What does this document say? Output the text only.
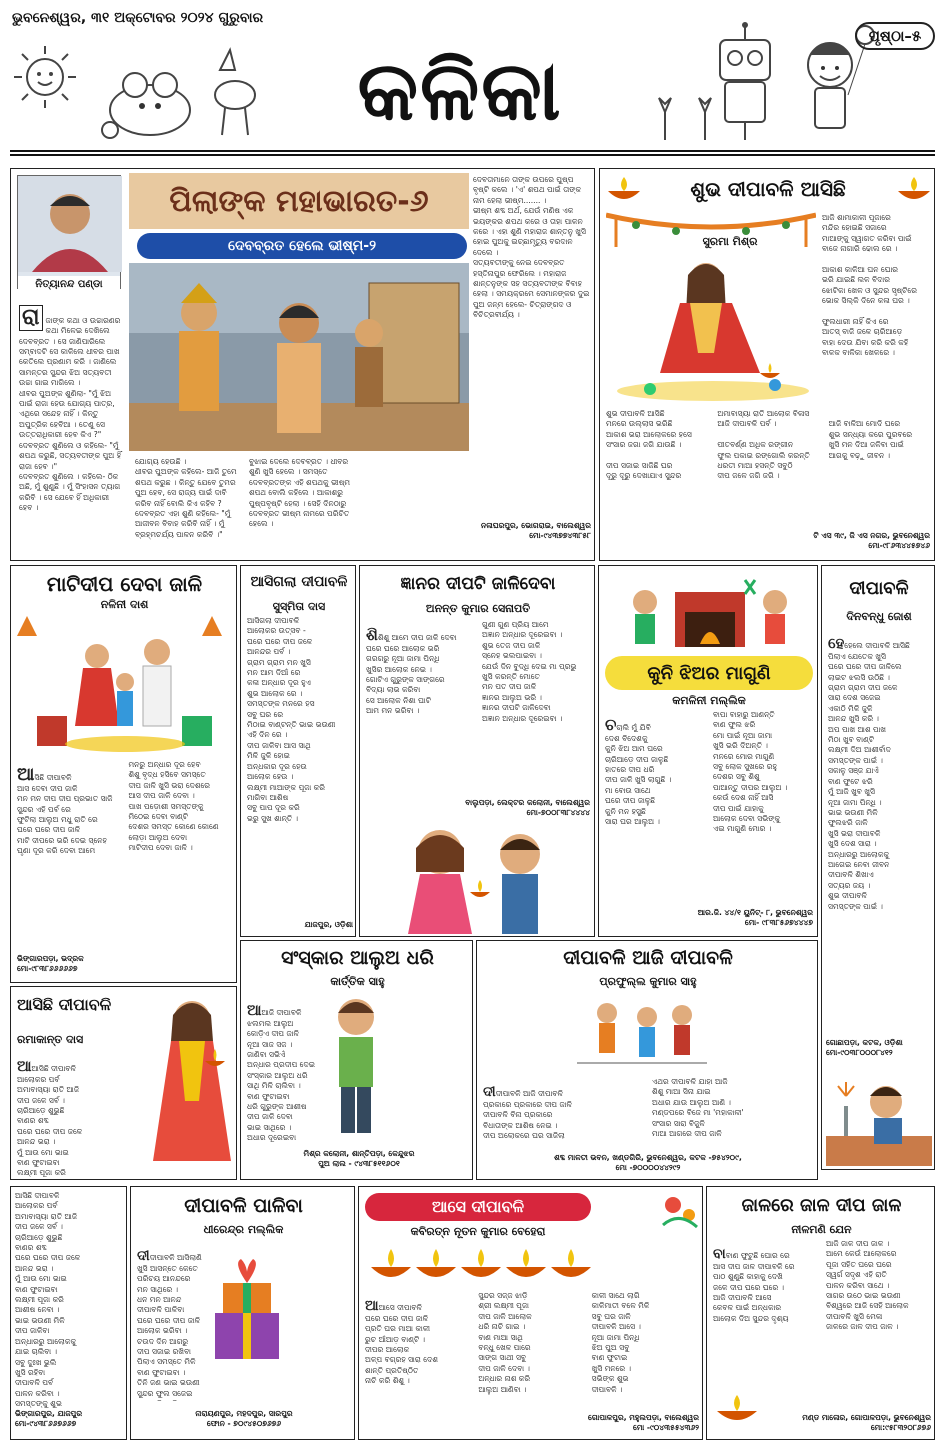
ଭୁବନେଶ୍ୱର, ୩୧ ଅକ୍ଟୋବର ୨୦୨୪ ଗୁରୁବାର
କଳିକା
ପୃଷ୍ଠା–୫
ନିତ୍ୟାନନ୍ଦ ପଣ୍ଡା

ରା ଜାଙ୍କ କଥା ଓ ଉଚ୍ଚାରଣର କଥା ମିଳେଇ ଦେଖିଲେ ଦେବବ୍ରତ । ସେ ଜାଣିପାରିଲେ ସମ୍ବାଦଟି ସେ କାଳିଲେ ଧୀବର ପାଖ କେତିଲେ ପ୍ରଣାମ କରି । ଜାଣିଲେ ସାମନ୍ତର ସୁନ୍ଦର ଝିଅ ସତ୍ୟବତୀ ଉଚ୍ଚା ଗାଇ ମାଗିଲେ ।
ଧୀବର ପୁଅଙ୍କ ଶୁଣିଲା- "ମୁଁ ଝିଅ ପାଇଁ ରାଜା ହେଉ ଯୋଗ୍ୟ ପାତ୍ର, ଏଥିରେ ସନ୍ଦେହ ନାହିଁ । କିନ୍ତୁ ଅପୁତ୍ରିକ ହେବିଆ । ତେଣୁ ସେ ଉତ୍ତରାଧିକାରୀ ହେବ କିଏ ?" ଦେବବ୍ରତ ଶୁଣିଲେ ଓ କହିଲେ- "ମୁଁ ଶପଥ କରୁଛି, ସତ୍ୟବତୀଙ୍କ ପୁଅ ହିଁ ରାଜା ହେବ ।"
ଦେବବ୍ରତ ଶୁଣିଲେ । କହିଲେ- ଠିକ ଅଛି, ମୁଁ ଶୁଣୁଛି । ମୁଁ ସିଂହାସନ ତ୍ୟାଗ କରିବି । ସେ ଯେବେ ହିଁ ଅଧିକାରୀ ହେବ ।

ପିଲାଙ୍କ ମହାଭାରତ-୬
ଦେବବ୍ରତ ହେଲେ ଭୀଷ୍ମ-୨
ଯୋଗ୍ୟ ହେଉଛି ।
ଧୀବର ପୁଅଙ୍କ କହିଲେ- ଆଜି ତୁମେ ଶପଥ କରୁଛ । କିନ୍ତୁ ଯେବେ ତୁମର ପୁଅ ହେବ, ସେ ରାଜ୍ୟ ପାଇଁ ଦାବି କରିବ ନାହିଁ ବୋଲି କିଏ କହିବ ?
ଦେବବ୍ରତ ଏହା ଶୁଣି କହିଲେ- "ମୁଁ ଆଜୀବନ ବିବାହ କରିବି ନାହିଁ । ମୁଁ ବ୍ରହ୍ମଚର୍ଯ୍ୟ ପାଳନ କରିବି ।"
ବୁଝାଇ ଦେଲେ ଦେବବ୍ରତ । ଧୀବର ଶୁଣି ଖୁସି ହେଲେ । ସମସ୍ତେ ଦେବବ୍ରତଙ୍କ ଏହି ଶପଥକୁ ଭୀଷ୍ମ ଶପଥ ବୋଲି କହିଲେ । ଆକାଶରୁ ପୁଷ୍ପବୃଷ୍ଟି ହେଲା । ସେହି ଦିନଠାରୁ ଦେବବ୍ରତ ଭୀଷ୍ମ ନାମରେ ପରିଚିତ ହେଲେ ।
ଦେବତାମାନେ ତାଙ୍କ ଉପରେ ପୁଷ୍ପ ବୃଷ୍ଟି କଲେ । 'ଏ' ଶପଥ ପାଇଁ ତାଙ୍କ ନାମ ହେଲା ଭୀଷ୍ମ....... ।
ଭୀଷ୍ମ ଶବ୍ଦ ଅର୍ଥ, ଯେଉଁ ମଣିଷ ଏକ ଭୟଙ୍କର ଶପଥ କରେ ଓ ତାହା ପାଳନ କରେ । ଏହା ଶୁଣି ମହାରାଜ ଶାନ୍ତନୁ ଖୁସି ହୋଇ ପୁଅକୁ ଇଚ୍ଛାମୃତ୍ୟୁ ବରଦାନ ଦେଲେ ।
ସତ୍ୟବତୀଙ୍କୁ ନେଇ ଦେବବ୍ରତ ହସ୍ତିନାପୁର ଫେରିଲେ । ମହାରାଜ ଶାନ୍ତନୁଙ୍କ ସହ ସତ୍ୟବତୀଙ୍କ ବିବାହ ହେଲା । ସମୟକ୍ରମେ ସେମାନଙ୍କର ଦୁଇ ପୁଅ ଜନ୍ମ ହେଲେ- ଚିତ୍ରାଙ୍ଗଦ ଓ ବିଚିତ୍ରବୀର୍ଯ୍ୟ ।
ନଳାଘରପୁର, ଭୋଗରାଇ, ବାଲେଶ୍ୱର
ମୋ-୯୪୩୭୭୪୩୮୫୮
ଶୁଭ ଦୀପାବଳି ଆସିଛି
ସୁରମା ମିଶ୍ର
ଆଜି ଶାମାକାଳୀ ପୂଜାରେ
ମନ୍ଦିର ହୋଇଛି ସଜାରେ
ମାଆଙ୍କୁ ସ୍ୱାଗତ କରିବା ପାଇଁ
ବାଜେ ନାଗାରି ଢୋଲ ରେ ।

ଆକାଶ କାଳିଆ ଘନ ଘୋର
ଭରି ଯାଇଛି ଲଳ ବିଦାର
ଝୋଟିକା ଖେଳ ଓ ସୁନ୍ଦର ସୃଷ୍ଟିରେ
ଭୋକ ସିଲ୍କି ଦିନେ କଳା ଘର ।

ଫୁଲଧାରୀ ନାହିଁ କିଏ ରେ
ଆତସ୍ ବାଜି ଜଳେ ଚାରିଆଡ଼େ
ବାହା ଦେଉ ଯିବା କରି କରି କହି
ବାଳକ ବାଳିକା ଖେଳରେ ।
ଶୁଭ ଦୀପାବଳି ଆସିଛି
ମନରେ ଉଲ୍ଲାସ ଭରିଛି
ଆକାଶ ଭରା ଆଲୋକରେ ହସେ
ସଂସାର ଜଗା ଜଗି ଯାଉଛି ।

ଦୀପ ସଜାଇ ସାଜିଛି ଘର
ଦୂରୁ ଦୂରୁ ଦେଖାଯାଏ ସୁନ୍ଦର
ଅମାବାସ୍ୟା ରାତି ଆଲୋକ ବିଳାସ
ଆଜି ଦୀପାବଳି ପର୍ବ ।

ପୀତବର୍ଣ୍ଣ ଅଧିକ ରଙ୍ଗୀନ
ଫୁଲ ପକାଇ ରଙ୍ଗୋଲି କରନ୍ତି
ଧରତୀ ମାଆ ହସନ୍ତି ସବୁଠି
ଦୀପ ଜଳେ ଜଗି ଜଗି ।

ଆଜି ବାଳିଆ ମୋଦି ଘରେ
ଶୁଭ ସନ୍ଧ୍ୟା କରେ ପୁରବରେ
ଖୁସି ମନ ଦିଆ ଜଳିବା ପାଇଁ
ଆଗକୁ ବଢ଼ୁ ଜୀବନ ।
ଟି ଏସ ୩୯, ଜି ଏସ ନଗର, ଭୁବନେଶ୍ୱର
ମୋ-୯୮୬୩୪୪୫୭୪୬
ମାଟିଦୀପ ଦେବା ଜାଳି
ନଳିନୀ ଦାଶ

ଆସିଛି ଦୀପାବଳି
ଆସ ଦେବା ଦୀପ ଜାଳି
ମନ ମନ ଦୀପ ଦୀପ ପ୍ରଭାତ ସାଜି
ସୁନ୍ଦର ଏହି ପର୍ବ ରେ
ଫୁଟିଲା ଆଲୁଅ ମଧୁ ରାତି ରେ
ଘରେ ଘରେ ଦୀପ ଜାଳି
ମାଟି ଦୀପରେ ଭରି ଦେଇ ସ୍ନେହ
ଘୃଣା ଦୂର କରି ଦେବା ଆମେ
ମନରୁ ଅନ୍ଧାର ଦୂର ହେବ
ଶିଶୁ ବୃଦ୍ଧ ହସିବେ ସମସ୍ତେ
ଦୀପ ଜାଳି ଖୁସି ଭରା ଦେଶରେ
ଆସ ଦୀପ ଜାଳି ଦେବା ।
ପାଖ ପଡ଼ୋଶୀ ସମସ୍ତଙ୍କୁ
ମିଠେଇ ଦେବା ବାଣ୍ଟି
ଦେଶର ସମସ୍ତ କୋଣେ କୋଣେ
ଲୋଡ଼ା ଆଲୁଅ ଦେବା
ମାଟିଦୀପ ଦେବା ଜାଳି ।

ଭିଙ୍ଗାରପଡ଼ା, ଭଦ୍ରକ
ମୋ-୯୮୩୮୬୬୬୬୬୭
ଆସିଗଲା ଦୀପାବଳି
ସୁସ୍ମିତା ଦାସ
ଆସିଗଲା ଦୀପାବଳି
ଆଲୋକର ଉତ୍ସବ -
ଘରେ ଘରେ ଦୀପ ଜଳେ
ଆନନ୍ଦର ପର୍ବ ।
ଗ୍ରାମ ଗ୍ରାମ ମନ ଖୁସି
ମନ ଆମ ଦିଆଁ ରେ
କଳା ଅନ୍ଧାର ଦୂର ହୁଏ
ଶୁଭ ଆଲୋକ ରେ ।
ସମସ୍ତଙ୍କ ମନରେ ହସ
ସବୁ ଘର ରେ
ମିଠାଇ ବାଣ୍ଟନ୍ତି ଭାଇ ଭଉଣୀ
ଏହି ଦିନ ରେ ।
ଦୀପ ଜାଳିବା ଆସ ସାଥି
ମିଳି ଜୁଳି ହୋଇ
ଅନ୍ଧକାର ଦୂର ହେଉ
ଆଲୋକ ହେଉ ।
ଲକ୍ଷ୍ମୀ ମାଆଙ୍କ ପୂଜା କରି
ମାଗିବା ଆଶିଷ
ସବୁ ପାପ ଦୂର କରି
ଭରୁ ସୁଖ ଶାନ୍ତି ।
ଯାଜପୁର, ଓଡ଼ିଶା
ଜ୍ଞାନର ଦୀପଟି ଜାଳିଦେବା
ଅନନ୍ତ କୁମାର ସେନାପତି

ଶିଶିଶୁ ଆମେ ଦୀପ ଜାଳି ଦେବା
ଘରେ ଘରେ ଆଲୋକ ଭରି
ଗରଗରୁ ନୂଆ ଜାମା ପିନ୍ଧି
ଖୁସିର ଆଲୋକ ନେଇ ।
ଗୋଟିଏ ଗୁରୁଙ୍କ ସାଙ୍ଗରେ
ବିଦ୍ୟା ଲାଭ କରିବା
ସେ ଆଲୋକ ନିଶା ଘାଟି
ଆମ ମନ ଭରିବା ।
ଗୁଣୀ ଗୁଣ ପ୍ରିୟ ଆମେ
ଅଜ୍ଞାନ ଅନ୍ଧାର ଦୂରେଇବା ।
ଶୁଭ ତେଜ ଦୀପ ଜାଳି
ସ୍ନେହ ଭଲପାଇବା ।
ଯେଉଁ ଦିନ ବୁଦ୍ଧି ଦେଇ ମା ପ୍ରଭୁ
ଖୁସି କରନ୍ତି ମୋତେ
ମନ ପତ ଦୀପ ଜାଳି
ଜ୍ଞାନର ଆଲୁଅ ଭରି ।
ଜ୍ଞାନର ଦୀପଟି ଜାଳିଦେବା
ଅଜ୍ଞାନ ଅନ୍ଧାର ଦୂରେଇବା ।

ବାଲୁପଡ଼ା, ଲେକ୍ଟର କଲୋନୀ, ବାଲେଶ୍ୱର
ମୋ-୭୦୦୮୩୮୪୪୪୪
କୁନି ଝିଅର ମାଗୁଣି
କମଳିନୀ ମଲ୍ଲିକ

ଚଚାଲି ମୁଁ ଯିବି
ଦେଶ ବିଦେଶକୁ
କୁନି ଝିଅ ଆମ ଘରେ
ଚାରିଆଡ଼େ ଦୀପ ଜାଳୁଛି
ହାତରେ ଦୀପ ଧରି
ଦୀପ ଜାଳି ଖୁସି ଲାଗୁଛି ।
ମା ବୋଉ ସାଥେ
ଘରେ ଦୀପ ଜାଳୁଛି
କୁନି ମନ ହସୁଛି
ସାରା ଘର ଆଲୁଅ ।
ବାପା ବାହାରୁ ଆଣନ୍ତି
ବାଣ ଫୁଲ ଝରି
ମୋ ପାଇଁ ନୂଆ ଜାମା
ଖୁସି ଭରି ଦିଅନ୍ତି ।
ମନରେ ମୋର ମାଗୁଣି
ସବୁ ଲୋକ ସୁଖରେ ରହୁ
ଦେଶର ସବୁ ଶିଶୁ
ପାଆନ୍ତୁ ଦୀପର ଆଲୁଅ ।
କେଉଁ ଦେଶ ନାହିଁ ଆସି
ଦୀପ ପାଇଁ ଯାହାକୁ
ଆଲୋକ ଦେବା ସଭିଙ୍କୁ
ଏଇ ମାଗୁଣି ମୋର ।

ଆର.ଜି. ୪୪/୧ ୟୁନିଟ୍- ୮, ଭୁବନେଶ୍ୱର
ମୋ- ୯୮୩୮୫୬୭୪୪୪୭
ଦୀପାବଳି
ଦିନବନ୍ଧୁ ଜୋଶ

ହେହେଲେ ଦୀପାବଳି ଆସିଛି
ପିଲାଏ ଯେତେକ ଖୁସି
ଘରେ ଘରେ ଦୀପ ଜାଳିଲେ
ଲାଇଟ ଝଲସି ଉଠିଛି ।
ଗ୍ରାମ ଗ୍ରାମ ଦୀପ ଜଳେ
ସାରା ଦେଶ ସଜେଇ
ଏକାଠି ମିଳି ଜୁଳି
ଆନନ୍ଦ ଖୁସି କରି ।
ଅପ ପାଖ ଆଶ ପାଖ
ମିଠା ଖୁବ ବାଣ୍ଟି
ଲକ୍ଷ୍ମୀ ଦିଅ ଆଶୀର୍ବାଦ
ସମସ୍ତଙ୍କ ପାଇଁ ।
ସକାଳୁ ସଞ୍ଜ ଯାଏଁ
ବାଣ ଫୁଟେ ଝରି
ମୁଁ ଆଜି ଖୁବ ଖୁସି
ନୂଆ ଜାମା ପିନ୍ଧି ।
ଭାଇ ଭଉଣୀ ମିଳି
ଫୁଲଝରି ଜାଳି
ଖୁସି ଭରା ଦୀପାବଳି
ଖୁସି ଦେଶ ସାରା ।
ଅନ୍ଧାରରୁ ଆଲୋକକୁ
ଆଗେଇ ନେବା ଜୀବନ
ଦୀପାବଳି ଶିଖାଏ
ସତ୍ୟର ଜୟ ।
ଶୁଭ ଦୀପାବଳି
ସମସ୍ତଙ୍କ ପାଇଁ ।

ଗୋଛାପଡ଼ା, କଟକ, ଓଡ଼ିଶା
ମୋ-୯୦୩୮୦୦୦୮୪୧୨
ଆସିଛି ଦୀପାବଳି
ରମାକାନ୍ତ ଦାସ

ଆଆସିଛି ଦୀପାବଳି
ଆଲୋକର ପର୍ବ
ଅମାବାସ୍ୟା ରାତି ଆଜି
ଦୀପ ଜଳେ ସର୍ବ ।
ଚାରିଆଡ଼େ ଶୁଭୁଛି
ବାଣର ଶବ୍ଦ
ଘରେ ଘରେ ଦୀପ ଜଳେ
ଆନନ୍ଦ ଭରା ।
ମୁଁ ଆଉ ମୋ ଭାଇ
ବାଣ ଫୁଟାଇବା
ଲକ୍ଷ୍ମୀ ପୂଜା କରି

ସଂସ୍କାର ଆଲୁଅ ଧରି
କାର୍ତ୍ତିକ ସାହୁ

ଆଆଜି ଦୀପାବଳି
ଝଲମଲ ଆଲୁଅ
କୋଡ଼ିଏ ଦୀପ ଜାଳି
ନୂଆ ସାଜ ସଜ ।
ଜାଣିବା ସଭିଏଁ
ଅନ୍ଧାର ପ୍ରଦୀପ ଦେଇ
ସଂସ୍କାର ଆଲୁଅ ଧରି
ସାଥି ମିଳି ଚାଲିବା ।
ବାଣ ଫୁଟାଇବା
ଧରି ଗୁରୁଙ୍କ ଆଶୀଷ
ଦୀପ ଜାଳି ଦେବା
ଭାଇ ସାଥିରେ ।
ଅଧାର ଦୂରେଇବା

ମିଶ୍ର କଲୋନୀ, ଶାନ୍ତିପଡ଼ା, କେନ୍ଦୁଝର
ପୁଅ ଲାଲ - ୯୪୩୮୫୧୧୬୦୧
ଦୀପାବଳି ଆଜି ଦୀପାବଳି
ପ୍ରଫୁଲ୍ଲ କୁମାର ସାହୁ

ଦୀଦୀପାବଳି ଆଜି ଦୀପାବଳି
ପ୍ରକାରେ ପ୍ରକାରେ ଦୀପ ଜାଳି
ଦୀପାବଳି ବିନା ପ୍ରକାରେ
ବିଧାତାଙ୍କ ଆଶିଷ ନେଇ ।
ଦୀପ ଅଲୋକରେ ଘର ସାଜିଲା
ଏଥର ଦୀପାବଳି ଯାହା ଆଜି
ଶିଶୁ ମାଆ ସିନା ଯାଇ
ଅଧାର ଯାଉ ଆଲୁଅ ଆଣି ।
ମଣ୍ଡପରେ ବିଜେ ମା 'ମହାକାଳୀ'
ସଂସାର ସାରା ବିଜୁଳି
ମାଆ ଆଗରେ ଦୀପ ଜାଳି

ଶବ୍ଦ ମାଳତୀ ଭବନ, ଖଣ୍ଡଗିରି, ଭୁବନେଶ୍ୱର, କଟକ -୭୫୪୨୦୯,
ମୋ -୭୦୦୦୦୪୪୨୯୨
ଦୀପାବଳି ପାଳିବା
ଧୀରେନ୍ଦ୍ର ମଲ୍ଲିକ

ଦୀଦୀପାବଳି ଆସିଲାଣି
ଖୁସି ଆସନ୍ତେ କେତେ
ପରିଚୟ ଆନନ୍ଦରେ
ମନ ସାଥିରେ ।
ଧନ ମନ ଆନନ୍ଦ
ଦୀପାବଳି ପାଳିବା
ଘରେ ଘରେ ଦୀପ ଜାଳି
ଆଲୋକ ଭରିବା ।
ଚଉଦ ଦିନ ଆଗରୁ
ଦୀପ ସଜାଇ ରଖିବା
ପିଲାଏ ସମସ୍ତେ ମିଳି
ବାଣ ଫୁଟାଇବା ।
ତିନି ଜଣ ଭାଇ ଭଉଣୀ
ସୁନ୍ଦର ଫୁଲ ସଜେଇ

ନାରାୟଣପୁର, ମହଦପୁର, ସାରପୁର
ଫୋନ - ୭୦୯୪୫୦୭୬୭୬
ଆସେ ଦୀପାବଳି
କବିରତ୍ନ ନୂତନ କୁମାର ବେହେରା

ଆଆସେ ଦୀପାବଳି
ଘରେ ଘରେ ଦୀପ ଜାଳି
ପ୍ରତି ଘର ମାଆ କାଳୀ
ରୁଚ ଆଁଆଡ଼ ବାଣ୍ଟି ।
ଦୀପର ଆଲୋକ
ଅଳ୍ପ ବଗ୍ରହ ସାରା ଦେଶ
ଶାନ୍ତି ପ୍ରତିଷ୍ଠିତ
ନାଚି କରି ଶିଶୁ ।
ସୁନ୍ଦର ସଜ୍ଜ ଝାଡ଼ି
ଶ୍ରୀ ଲକ୍ଷ୍ମୀ ପୂଜା
ଦୀପ ଜାଳି ଆଲୋକ
ଧରି ନାଚି ଗାଇ ।
ବାଣ ମାଆ ସାଥି
ବନ୍ଧୁ ଖେଳ ପାରେ
ସାଙ୍ଗ ସାଥୀ ସବୁ
ଦୀପ ଜାଳି ଦେବା ।
ଅନ୍ଧାର ନାଶ କରି
ଆଲୁଅ ଆଣିବା ।
କାଳୀ ସାଥେ ଲାଗି
କାଳିମାତୀ ବଳେ ମିଳି
ସବୁ ଘର ଜାଳି
ଦୀପାବଳି ଆସେ ।
ନୂଆ ଜାମା ପିନ୍ଧି
ଝିଅ ପୁଅ ସବୁ
ବାଣ ଫୁଟାଇ
ଖୁସି ମନରେ ।
ସଭିଙ୍କ ଶୁଭ
ଦୀପାବଳି ।

ଗୋପାଳପୁର, ମହୁଲପଡ଼ା, ବାଲେଶ୍ୱର
ମୋ -୯୦୪୩୫୫୪୩୬୨
ଜାଳରେ ଜାଳ ଦୀପ ଜାଳ
ନୀଳମଣି ଯେନ

ବାବାଣ ଫୁଟୁଛି ଘୋର ରେ
ଆସ ଦୀପ ଜାଳ ଦୀପାବଳି ରେ
ପାଠ ଶୁଣୁଛି କାହାକୁ ଦେଖି
ଜଳେ ଦୀପ ଘରେ ଘରେ ।
ଆଜି ଦୀପାବଳି ଆସେ
କେବଳ ପାଇଁ ଅନ୍ଧକାର
ଆଲୋକ ଦିଅ ସୁନ୍ଦର ଦୃଶ୍ୟ
ଆଜି ଜାଳ ଦୀପ ଜାଳ ।
ଆମେ କେଉଁ ଆଲୋକରେ
ପୂଜା ସହିତ ଘରେ ଘରେ
ସ୍ୱର୍ଗ ସଦୃଶ ଏହି ରାତି
ପାଳନ କରିବା ସାଥେ ।
ସାଗର ଉଠେ ଭାଇ ଭଉଣୀ
ବିଶ୍ୱରେ ଆଜି ସେହି ଆଲୋକ
ଦୀପାବଳି ଖୁସି ମେଳା
ଜାଳରେ ଜାଳ ଦୀପ ଜାଳ ।

ମଣ୍ଡ ମାଳୋର, ଗୋପାଳପଡ଼ା, ଭୁବନେଶ୍ୱର
ମୋ:୯୫୮୩୨୦୮୬୭୬
ଆସିଛି ଦୀପାବଳି
ଆଲୋକର ପର୍ବ
ଅମାବାସ୍ୟା ରାତି ଆଜି
ଦୀପ ଜଳେ ସର୍ବ ।
ଚାରିଆଡ଼େ ଶୁଭୁଛି
ବାଣର ଶବ୍ଦ
ଘରେ ଘରେ ଦୀପ ଜଳେ
ଆନନ୍ଦ ଭରା ।
ମୁଁ ଆଉ ମୋ ଭାଇ
ବାଣ ଫୁଟାଇବା
ଲକ୍ଷ୍ମୀ ପୂଜା କରି
ଆଶୀଷ ନେବା ।
ଭାଇ ଭଉଣୀ ମିଳି
ଦୀପ ଜାଳିବା
ଅନ୍ଧାରରୁ ଆଲୋକକୁ
ଯାଇ ଚାଲିବା ।
ସବୁ ଦୁଃଖ ଭୁଲି
ଖୁସି ରହିବା
ଦୀପାବଳି ପର୍ବ
ପାଳନ କରିବା ।
ସମସ୍ତଙ୍କୁ ଶୁଭ

ଭିଙ୍ଗାରପୁର, ଯାଜପୁର
ମୋ-୯୪୩୮୬୬୭୬୬୭
